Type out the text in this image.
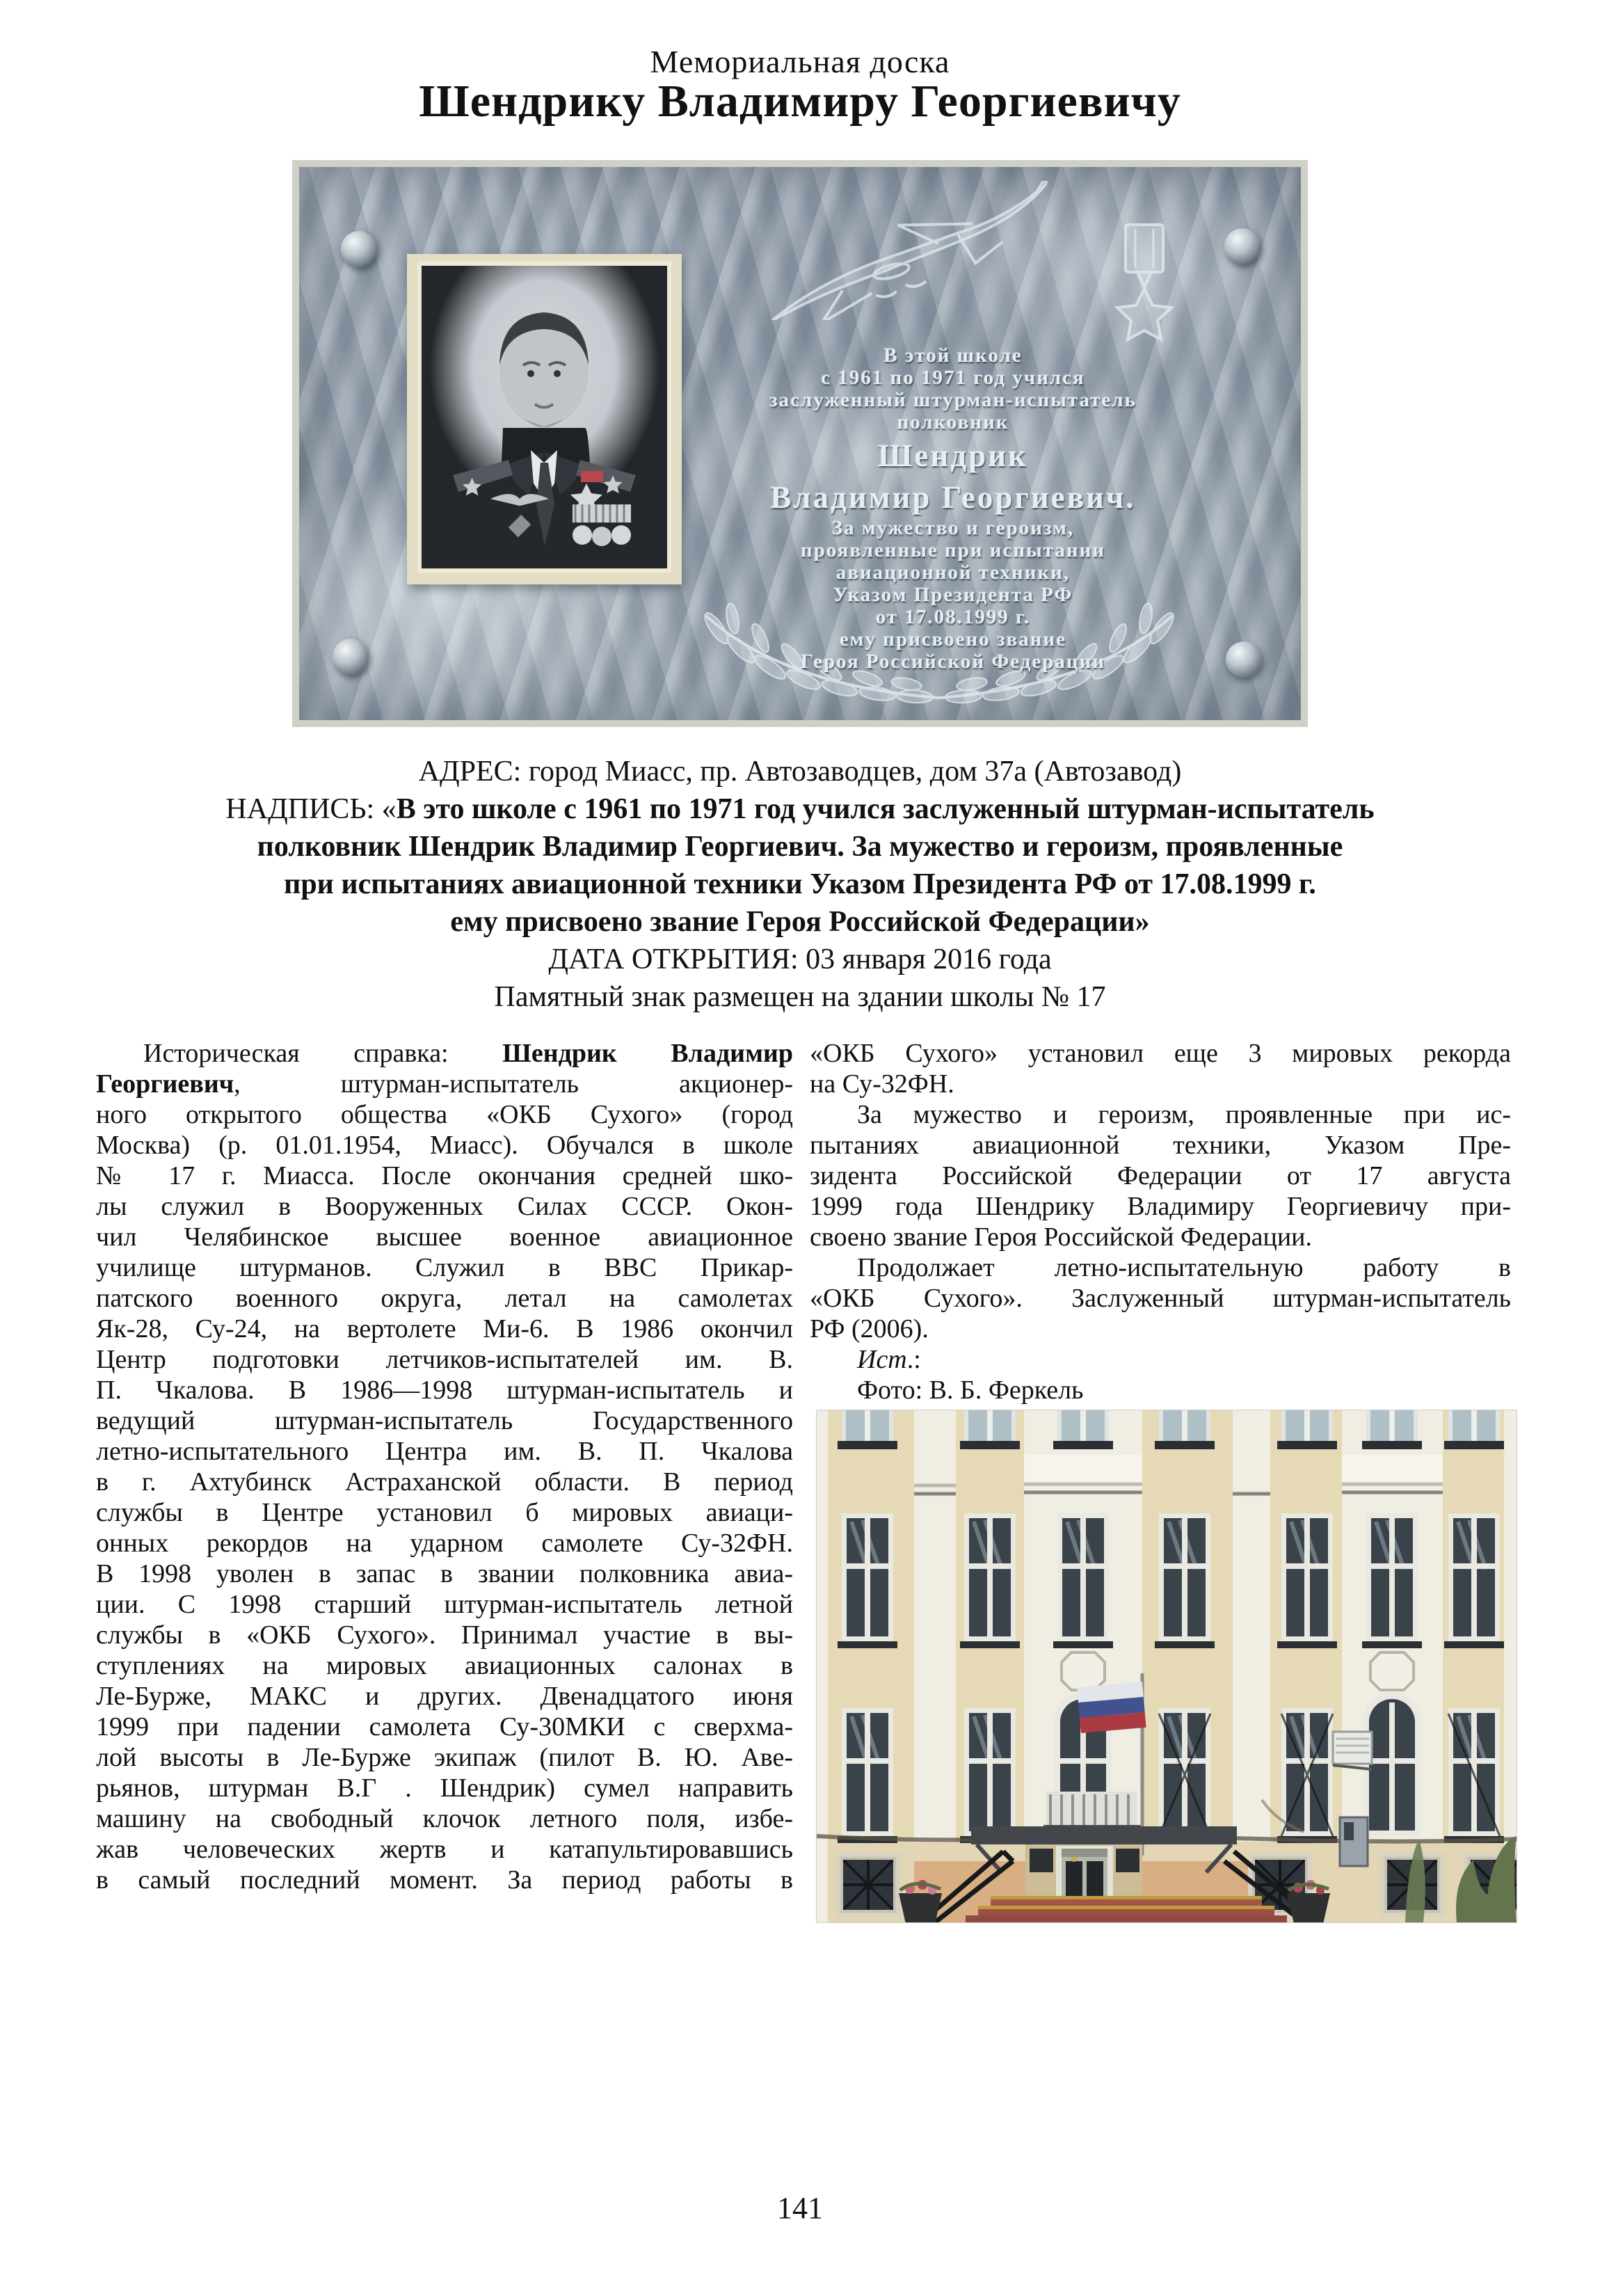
Мемориальная доска
Шендрику Владимиру Георгиевичу
В этой школе
с 1961 по 1971 год учился
заслуженный штурман-испытатель
полковник
Шендрик
Владимир Георгиевич.
За мужество и героизм,
проявленные при испытании
авиационной техники,
Указом Президента РФ
от 17.08.1999 г.
ему присвоено звание
Героя Российской Федерации
АДРЕС: город Миасс, пр. Автозаводцев, дом 37а (Автозавод)
НАДПИСЬ: «В это школе с 1961 по 1971 год учился заслуженный штурман-испытатель
полковник Шендрик Владимир Георгиевич. За мужество и героизм, проявленные
при испытаниях авиационной техники Указом Президента РФ от 17.08.1999 г.
ему присвоено звание Героя Российской Федерации»
ДАТА ОТКРЫТИЯ: 03 января 2016 года
Памятный знак размещен на здании школы № 17
Историческая справка: Шендрик Владимир
Георгиевич, штурман-испытатель акционер-
ного открытого общества «ОКБ Сухого» (город
Москва) (р. 01.01.1954, Миасс). Обучался в школе
№ 17 г. Миасса. После окончания средней шко-
лы служил в Вооруженных Силах СССР. Окон-
чил Челябинское высшее военное авиационное
училище штурманов. Служил в ВВС Прикар-
патского военного округа, летал на самолетах
Як-28, Су-24, на вертолете Ми-6. В 1986 окончил
Центр подготовки летчиков-испытателей им. В.
П. Чкалова. В 1986—1998 штурман-испытатель и
ведущий штурман-испытатель Государственного
летно-испытательного Центра им. В. П. Чкалова
в г. Ахтубинск Астраханской области. В период
службы в Центре установил б мировых авиаци-
онных рекордов на ударном самолете Су-32ФН.
В 1998 уволен в запас в звании полковника авиа-
ции. С 1998 старший штурман-испытатель летной
службы в «ОКБ Сухого». Принимал участие в вы-
ступлениях на мировых авиационных салонах в
Ле-Бурже, МАКС и других. Двенадцатого июня
1999 при падении самолета Су-30МКИ с сверхма-
лой высоты в Ле-Бурже экипаж (пилот В. Ю. Аве-
рьянов, штурман В.Г . Шендрик) сумел направить
машину на свободный клочок летного поля, избе-
жав человеческих жертв и катапультировавшись
в самый последний момент. За период работы в
«ОКБ Сухого» установил еще 3 мировых рекорда
на Су-32ФН.
За мужество и героизм, проявленные при ис-
пытаниях авиационной техники, Указом Пре-
зидента Российской Федерации от 17 августа
1999 года Шендрику Владимиру Георгиевичу при-
своено звание Героя Российской Федерации.
Продолжает летно-испытательную работу в
«ОКБ Сухого». Заслуженный штурман-испытатель
РФ (2006).
Ист.:
Фото: В. Б. Феркель
141
